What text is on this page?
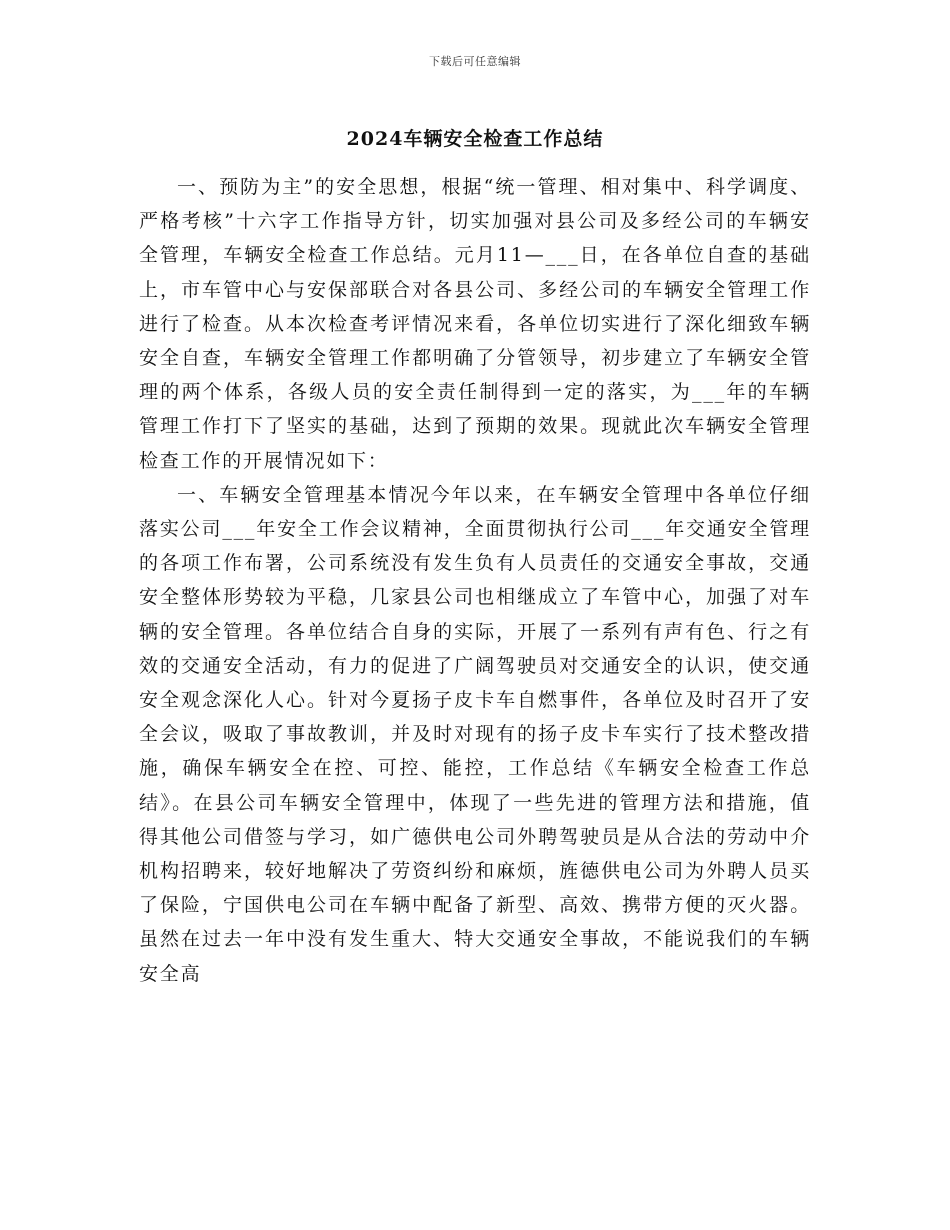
下载后可任意编辑
2024车辆安全检查工作总结

一、预防为主”的安全思想，根据“统一管理、相对集中、科学调度、严格考核”十六字工作指导方针，切实加强对县公司及多经公司的车辆安全管理，车辆安全检查工作总结。元月11—___日，在各单位自查的基础上，市车管中心与安保部联合对各县公司、多经公司的车辆安全管理工作进行了检查。从本次检查考评情况来看，各单位切实进行了深化细致车辆安全自查，车辆安全管理工作都明确了分管领导，初步建立了车辆安全管理的两个体系，各级人员的安全责任制得到一定的落实，为___年的车辆管理工作打下了坚实的基础，达到了预期的效果。现就此次车辆安全管理检查工作的开展情况如下：

一、车辆安全管理基本情况今年以来，在车辆安全管理中各单位仔细落实公司___年安全工作会议精神，全面贯彻执行公司___年交通安全管理的各项工作布署，公司系统没有发生负有人员责任的交通安全事故，交通安全整体形势较为平稳，几家县公司也相继成立了车管中心，加强了对车辆的安全管理。各单位结合自身的实际，开展了一系列有声有色、行之有效的交通安全活动，有力的促进了广阔驾驶员对交通安全的认识，使交通安全观念深化人心。针对今夏扬子皮卡车自燃事件，各单位及时召开了安全会议，吸取了事故教训，并及时对现有的扬子皮卡车实行了技术整改措施，确保车辆安全在控、可控、能控，工作总结《车辆安全检查工作总结》。在县公司车辆安全管理中，体现了一些先进的管理方法和措施，值得其他公司借签与学习，如广德供电公司外聘驾驶员是从合法的劳动中介机构招聘来，较好地解决了劳资纠纷和麻烦，旌德供电公司为外聘人员买了保险，宁国供电公司在车辆中配备了新型、高效、携带方便的灭火器。虽然在过去一年中没有发生重大、特大交通安全事故，不能说我们的车辆安全高
